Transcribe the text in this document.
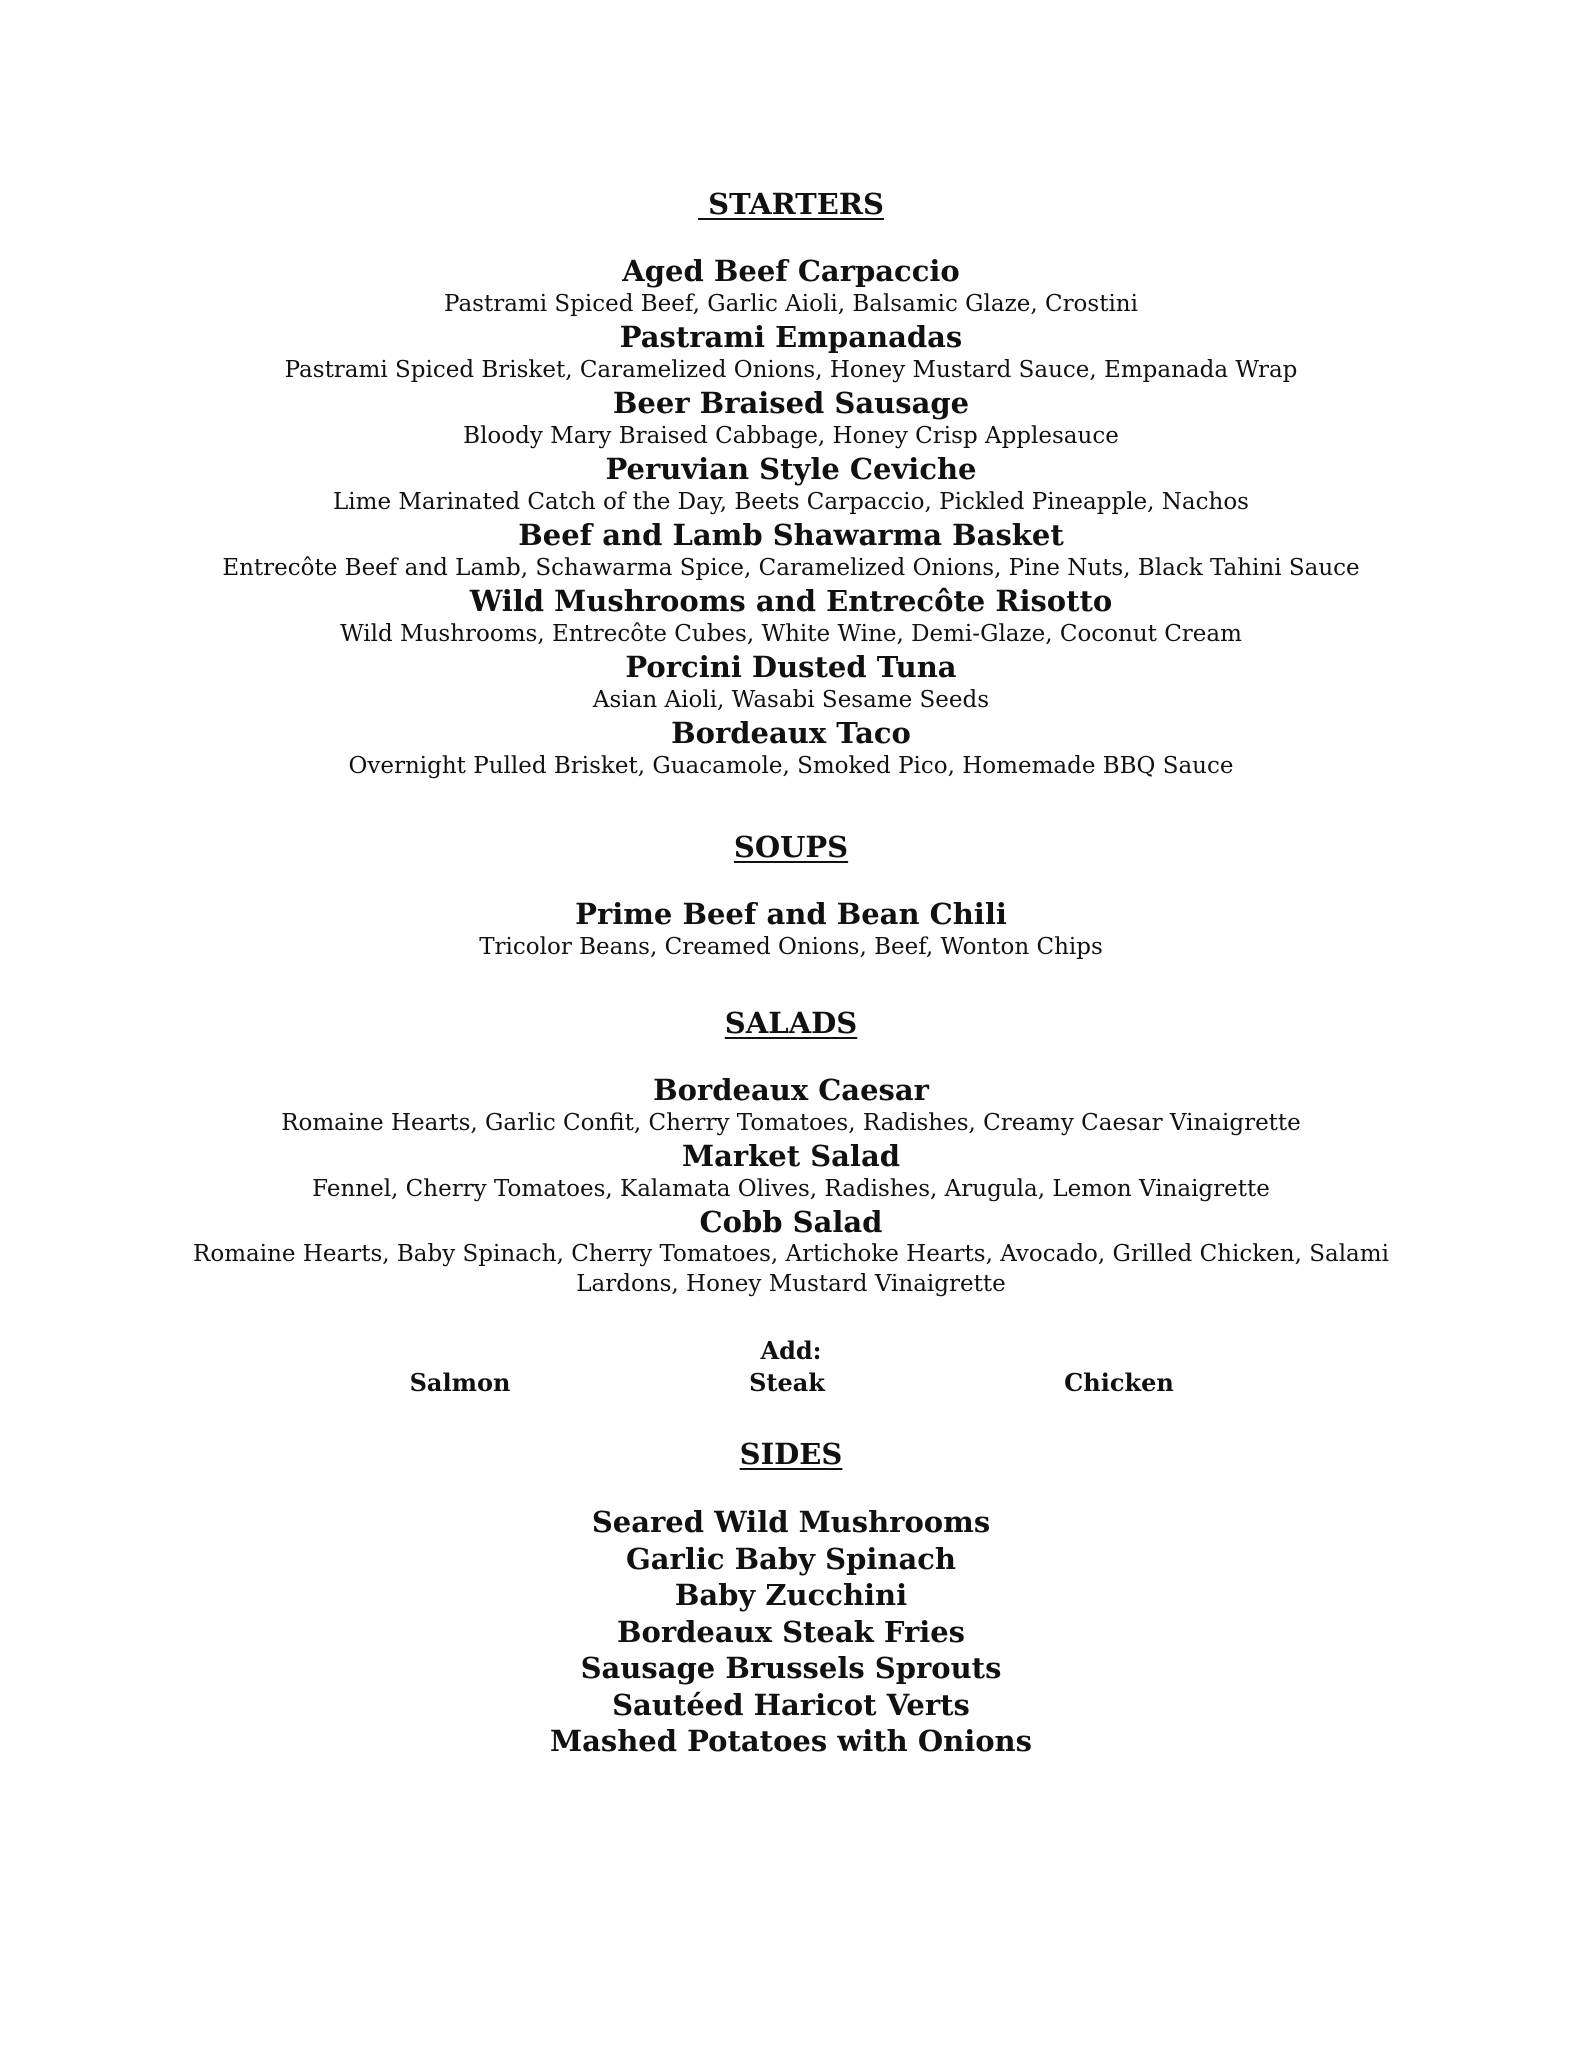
STARTERS

Aged Beef Carpaccio

Pastrami Spiced Beef, Garlic Aioli, Balsamic Glaze, Crostini

Pastrami Empanadas

Pastrami Spiced Brisket, Caramelized Onions, Honey Mustard Sauce, Empanada Wrap

Beer Braised Sausage

Bloody Mary Braised Cabbage, Honey Crisp Applesauce

Peruvian Style Ceviche

Lime Marinated Catch of the Day, Beets Carpaccio, Pickled Pineapple, Nachos

Beef and Lamb Shawarma Basket

Entrecôte Beef and Lamb, Schawarma Spice, Caramelized Onions, Pine Nuts, Black Tahini Sauce

Wild Mushrooms and Entrecôte Risotto

Wild Mushrooms, Entrecôte Cubes, White Wine, Demi-Glaze, Coconut Cream

Porcini Dusted Tuna

Asian Aioli, Wasabi Sesame Seeds

Bordeaux Taco

Overnight Pulled Brisket, Guacamole, Smoked Pico, Homemade BBQ Sauce

SOUPS

Prime Beef and Bean Chili

Tricolor Beans, Creamed Onions, Beef, Wonton Chips

SALADS

Bordeaux Caesar

Romaine Hearts, Garlic Confit, Cherry Tomatoes, Radishes, Creamy Caesar Vinaigrette

Market Salad

Fennel, Cherry Tomatoes, Kalamata Olives, Radishes, Arugula, Lemon Vinaigrette

Cobb Salad

Romaine Hearts, Baby Spinach, Cherry Tomatoes, Artichoke Hearts, Avocado, Grilled Chicken, Salami Lardons, Honey Mustard Vinaigrette

Add:
Salmon	Steak	Chicken

SIDES

Seared Wild Mushrooms

Garlic Baby Spinach

Baby Zucchini

Bordeaux Steak Fries

Sausage Brussels Sprouts

Sautéed Haricot Verts

Mashed Potatoes with Onions
